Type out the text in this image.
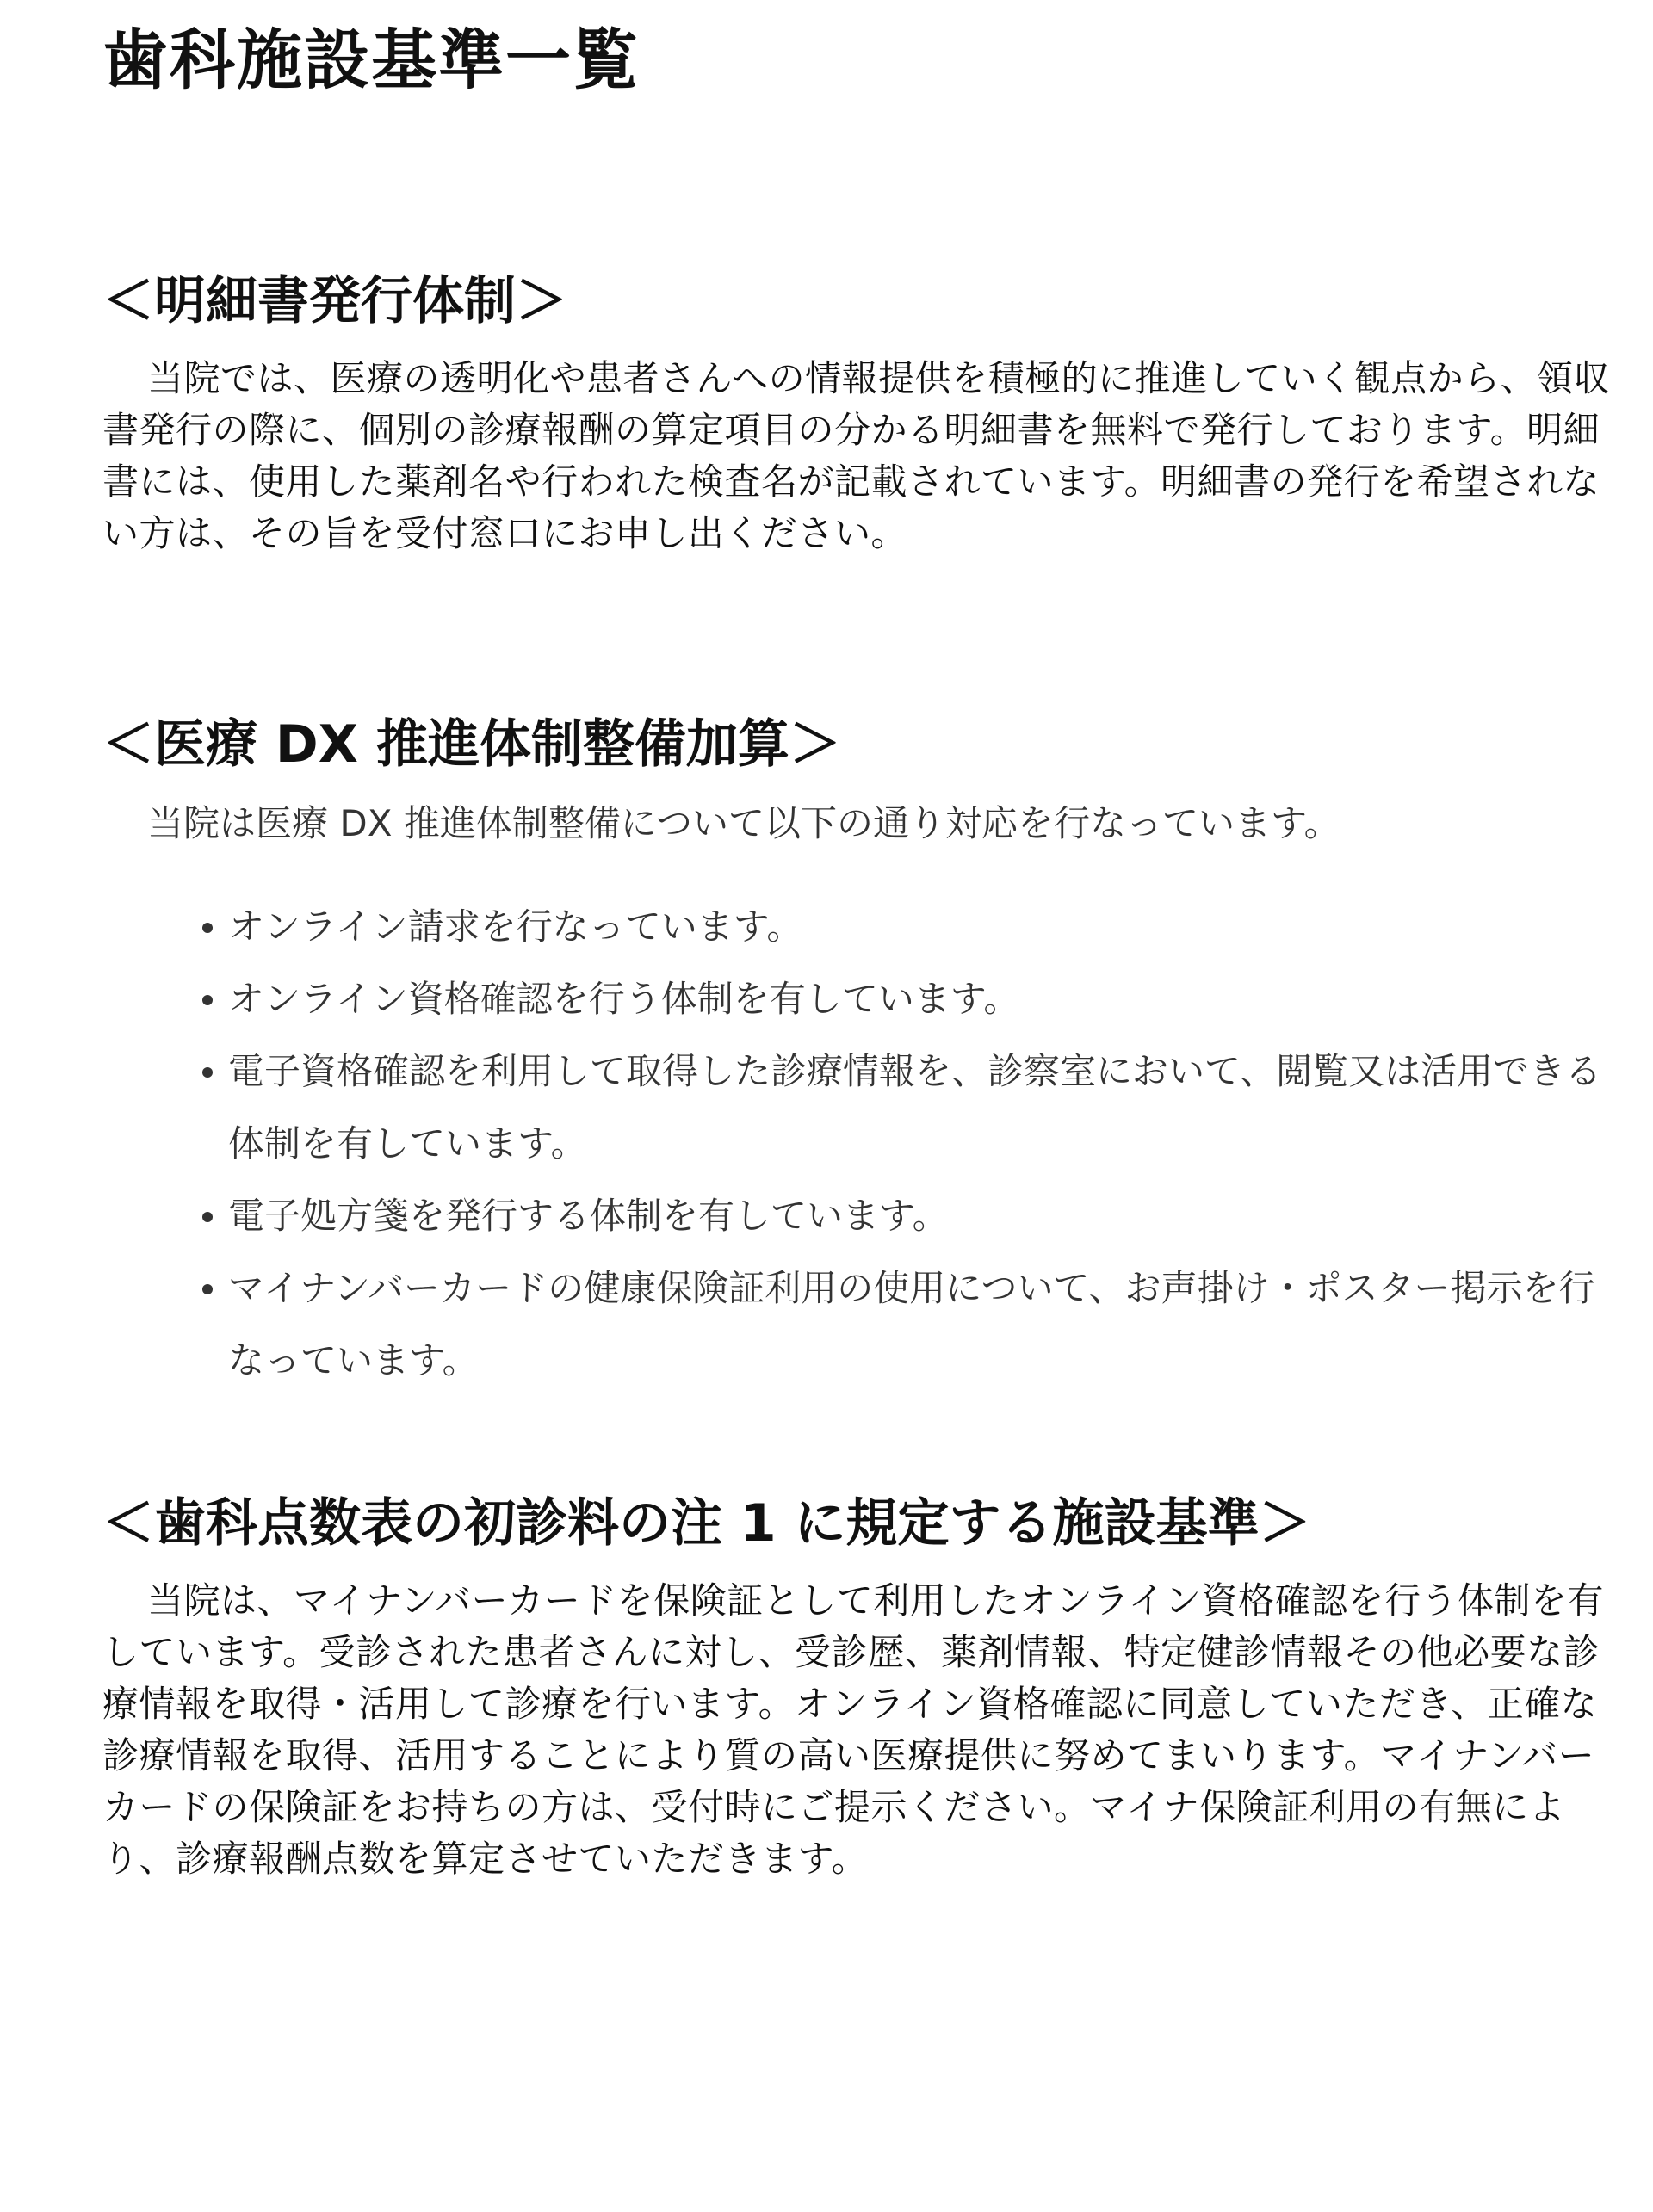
歯科施設基準一覧
＜明細書発行体制＞

当院では、医療の透明化や患者さんへの情報提供を積極的に推進していく観点から、領収書発行の際に、個別の診療報酬の算定項目の分かる明細書を無料で発行しております。明細書には、使用した薬剤名や行われた検査名が記載されています。明細書の発行を希望されない方は、その旨を受付窓口にお申し出ください。

＜医療 DX 推進体制整備加算＞

当院は医療 DX 推進体制整備について以下の通り対応を行なっています。

オンライン請求を行なっています。
オンライン資格確認を行う体制を有しています。
電子資格確認を利用して取得した診療情報を、診察室において、閲覧又は活用できる体制を有しています。
電子処方箋を発行する体制を有しています。
マイナンバーカードの健康保険証利用の使用について、お声掛け・ポスター掲示を行なっています。
＜歯科点数表の初診料の注 1 に規定する施設基準＞

当院は、マイナンバーカードを保険証として利用したオンライン資格確認を行う体制を有しています。受診された患者さんに対し、受診歴、薬剤情報、特定健診情報その他必要な診療情報を取得・活用して診療を行います。オンライン資格確認に同意していただき、正確な診療情報を取得、活用することにより質の高い医療提供に努めてまいります。マイナンバーカードの保険証をお持ちの方は、受付時にご提示ください。マイナ保険証利用の有無により、診療報酬点数を算定させていただきます。
